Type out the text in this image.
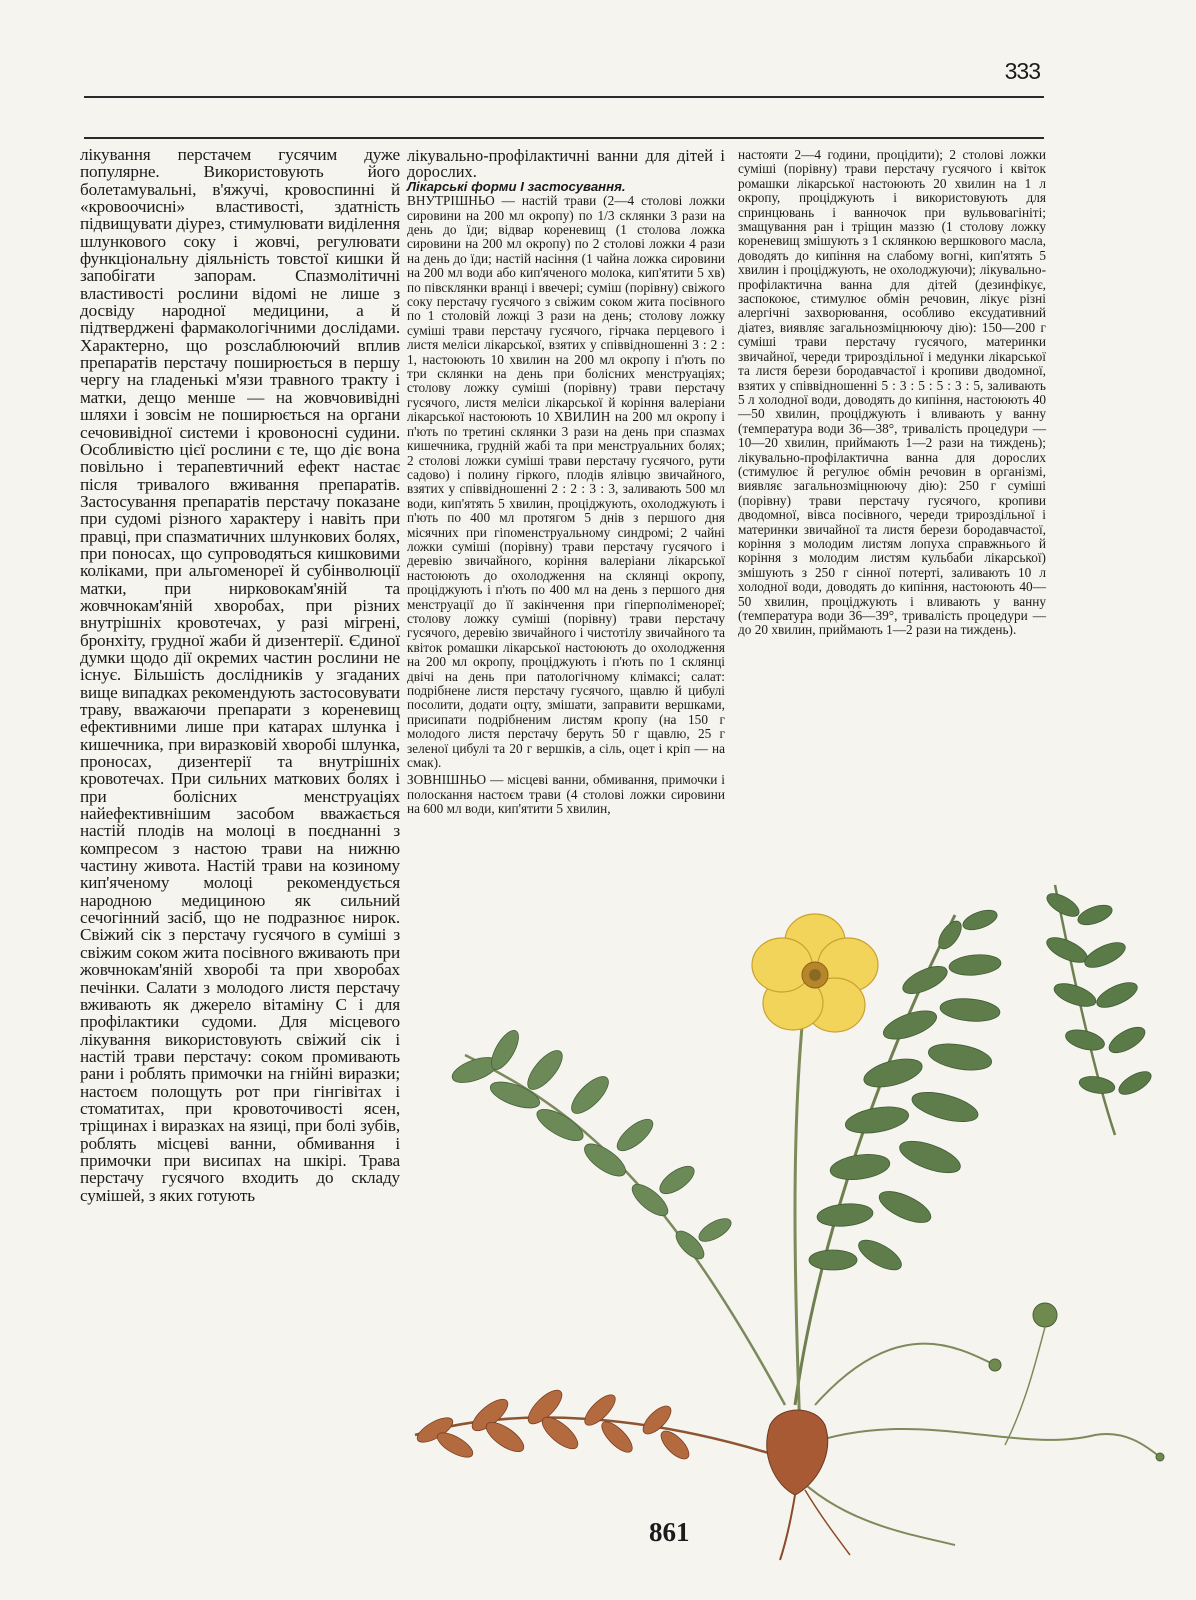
333

лікування перстачем гусячим дуже популярне. Використовують його болетамувальні, в'яжучі, кровоспинні й «кровоочисні» властивості, здатність підвищувати діурез, стимулювати виділення шлункового соку і жовчі, регулювати функціональну діяльність товстої кишки й запобігати запорам. Спазмолітичні властивості рослини відомі не лише з досвіду народної медицини, а й підтверджені фармакологічними дослідами. Характерно, що розслаблюючий вплив препаратів перстачу поширюється в першу чергу на гладенькі м'язи травного тракту і матки, дещо менше — на жовчовивідні шляхи і зовсім не поширюється на органи сечовивідної системи і кровоносні судини. Особливістю цієї рослини є те, що діє вона повільно і терапевтичний ефект настає після тривалого вживання препаратів. Застосування препаратів перстачу показане при судомі різного характеру і навіть при правці, при спазматичних шлункових болях, при поносах, що супроводяться кишковими коліками, при альгоменореї й субінволюції матки, при нирковокам'яній та жовчнокам'яній хворобах, при різних внутрішніх кровотечах, у разі мігрені, бронхіту, грудної жаби й дизентерії. Єдиної думки щодо дії окремих частин рослини не існує. Більшість дослідників у згаданих вище випадках рекомендують застосовувати траву, вважаючи препарати з кореневищ ефективними лише при катарах шлунка і кишечника, при виразковій хворобі шлунка, проносах, дизентерії та внутрішніх кровотечах. При сильних маткових болях і при болісних менструаціях найефективнішим засобом вважається настій плодів на молоці в поєднанні з компресом з настою трави на нижню частину живота. Настій трави на козиному кип'яченому молоці рекомендується народною медициною як сильний сечогінний засіб, що не подразнює нирок. Свіжий сік з перстачу гусячого в суміші з свіжим соком жита посівного вживають при жовчнокам'яній хворобі та при хворобах печінки. Салати з молодого листя перстачу вживають як джерело вітаміну С і для профілактики судоми. Для місцевого лікування використовують свіжий сік і настій трави перстачу: соком промивають рани і роблять примочки на гнійні виразки; настоєм полощуть рот при гінгівітах і стоматитах, при кровоточивості ясен, тріщинах і виразках на язиці, при болі зубів, роблять місцеві ванни, обмивання і примочки при висипах на шкірі. Трава перстачу гусячого входить до складу сумішей, з яких готують

лікувально-профілактичні ванни для дітей і дорослих.

Лікарські форми І застосування.

ВНУТРІШНЬО — настій трави (2—4 столові ложки сировини на 200 мл окропу) по 1/3 склянки 3 рази на день до їди; відвар кореневищ (1 столова ложка сировини на 200 мл окропу) по 2 столові ложки 4 рази на день до їди; настій насіння (1 чайна ложка сировини на 200 мл води або кип'яченого молока, кип'ятити 5 хв) по півсклянки вранці і ввечері; суміш (порівну) свіжого соку перстачу гусячого з свіжим соком жита посівного по 1 столовій ложці 3 рази на день; столову ложку суміші трави перстачу гусячого, гірчака перцевого і листя меліси лікарської, взятих у співвідношенні 3 : 2 : 1, настоюють 10 хвилин на 200 мл окропу і п'ють по три склянки на день при болісних менструаціях; столову ложку суміші (порівну) трави перстачу гусячого, листя меліси лікарської й коріння валеріани лікарської настоюють 10 ХВИЛИН на 200 мл окропу і п'ють по третині склянки 3 рази на день при спазмах кишечника, грудній жабі та при менструальних болях; 2 столові ложки суміші трави перстачу гусячого, рути садово) і полину гіркого, плодів ялівцю звичайного, взятих у співвідношенні 2 : 2 : 3 : 3, заливають 500 мл води, кип'ятять 5 хвилин, проціджують, охолоджують і п'ють по 400 мл протягом 5 днів з першого дня місячних при гіпоменструальному синдромі; 2 чайні ложки суміші (порівну) трави перстачу гусячого і деревію звичайного, коріння валеріани лікарської настоюють до охолодження на склянці окропу, проціджують і п'ють по 400 мл на день з першого дня менструації до її закінчення при гіперполіменореї; столову ложку суміші (порівну) трави перстачу гусячого, деревію звичайного і чистотілу звичайного та квіток ромашки лікарської настоюють до охолодження на 200 мл окропу, проціджують і п'ють по 1 склянці двічі на день при патологічному клімаксі; салат: подрібнене листя перстачу гусячого, щавлю й цибулі посолити, додати оцту, змішати, заправити вершками, присипати подрібненим листям кропу (на 150 г молодого листя перстачу беруть 50 г щавлю, 25 г зеленої цибулі та 20 г вершків, а сіль, оцет і кріп — на смак).

ЗОВНІШНЬО — місцеві ванни, обмивання, примочки і полоскання настоєм трави (4 столові ложки сировини на 600 мл води, кип'ятити 5 хвилин,

настояти 2—4 години, процідити); 2 столові ложки суміші (порівну) трави перстачу гусячого і квіток ромашки лікарської настоюють 20 хвилин на 1 л окропу, проціджують і використовують для спринцювань і ванночок при вульвовагініті; змащування ран і тріщин маззю (1 столову ложку кореневищ змішують з 1 склянкою вершкового масла, доводять до кипіння на слабому вогні, кип'ятять 5 хвилин і проціджують, не охолоджуючи); лікувально-профілактична ванна для дітей (дезинфікує, заспокоює, стимулює обмін речовин, лікує різні алергічні захворювання, особливо ексудативний діатез, виявляє загальнозміцнюючу дію): 150—200 г суміші трави перстачу гусячого, материнки звичайної, череди трироздільної і медунки лікарської та листя берези бородавчастої і кропиви дводомної, взятих у співвідношенні 5 : 3 : 5 : 5 : 3 : 5, заливають 5 л холодної води, доводять до кипіння, настоюють 40—50 хвилин, проціджують і вливають у ванну (температура води 36—38°, тривалість процедури — 10—20 хвилин, приймають 1—2 рази на тиждень); лікувально-профілактична ванна для дорослих (стимулює й регулює обмін речовин в організмі, виявляє загальнозміцнюючу дію): 250 г суміші (порівну) трави перстачу гусячого, кропиви дводомної, вівса посівного, череди трироздільної і материнки звичайної та листя берези бородавчастої, коріння з молодим листям лопуха справжнього й коріння з молодим листям кульбаби лікарської) змішують з 250 г сінної потерті, заливають 10 л холодної води, доводять до кипіння, настоюють 40—50 хвилин, проціджують і вливають у ванну (температура води 36—39°, тривалість процедури — до 20 хвилин, приймають 1—2 рази на тиждень).

861
